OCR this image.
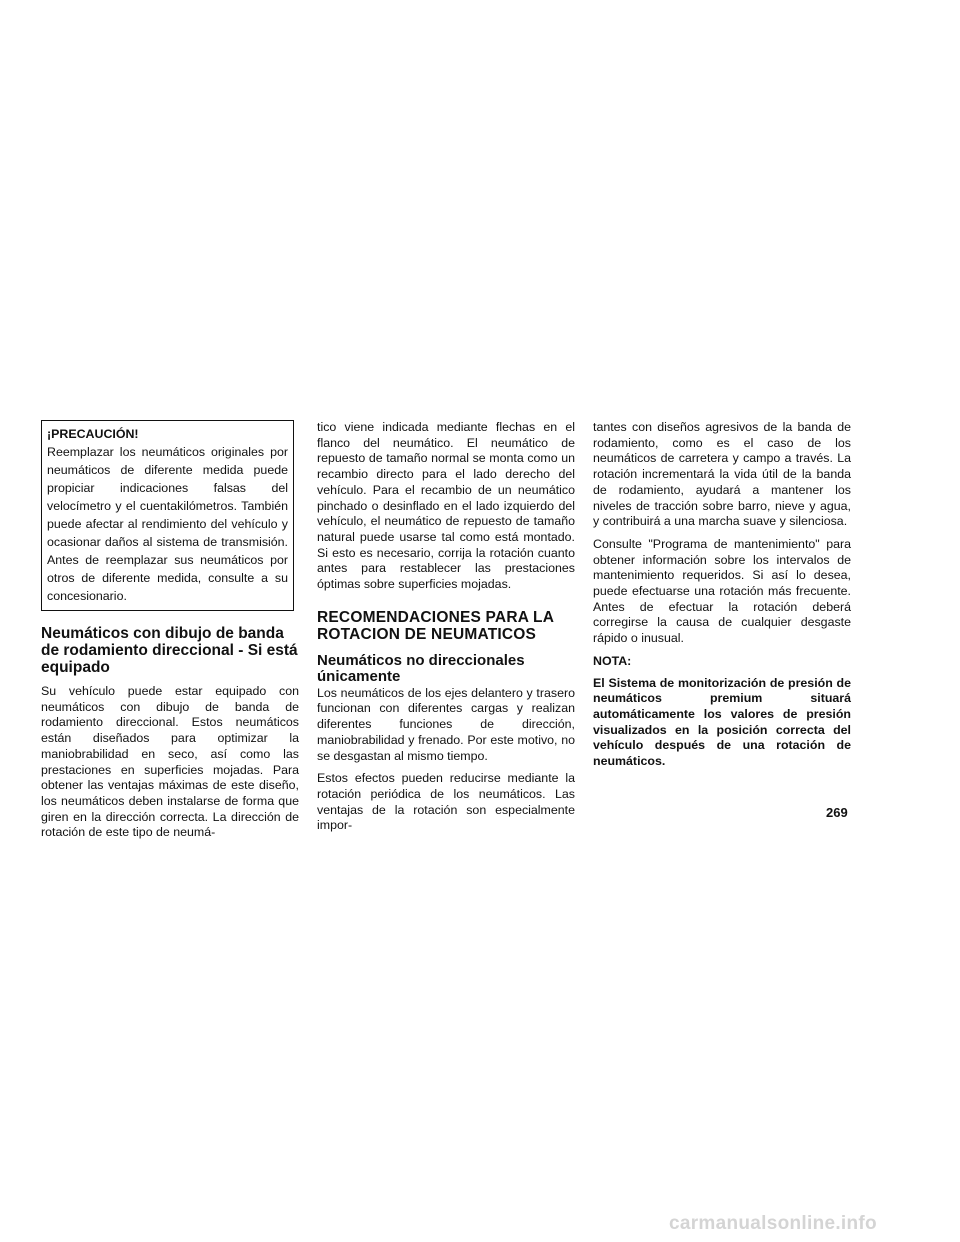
¡PRECAUCIÓN!
Reemplazar los neumáticos originales por neumáticos de diferente medida puede propiciar indicaciones falsas del velocímetro y el cuentakilómetros. También puede afectar al rendimiento del vehículo y ocasionar daños al sistema de transmisión. Antes de reemplazar sus neumáticos por otros de diferente medida, consulte a su concesionario.
Neumáticos con dibujo de banda de rodamiento direccional - Si está equipado

Su vehículo puede estar equipado con neumáticos con dibujo de banda de rodamiento direccional. Estos neumáticos están diseñados para optimizar la maniobrabilidad en seco, así como las prestaciones en superficies mojadas. Para obtener las ventajas máximas de este diseño, los neumáticos deben instalarse de forma que giren en la dirección correcta. La dirección de rotación de este tipo de neumá-

tico viene indicada mediante flechas en el flanco del neumático. El neumático de repuesto de tamaño normal se monta como un recambio directo para el lado derecho del vehículo. Para el recambio de un neumático pinchado o desinflado en el lado izquierdo del vehículo, el neumático de repuesto de tamaño natural puede usarse tal como está montado. Si esto es necesario, corrija la rotación cuanto antes para restablecer las prestaciones óptimas sobre superficies mojadas.

RECOMENDACIONES PARA LA ROTACION DE NEUMATICOS
Neumáticos no direccionales únicamente

Los neumáticos de los ejes delantero y trasero funcionan con diferentes cargas y realizan diferentes funciones de dirección, maniobrabilidad y frenado. Por este motivo, no se desgastan al mismo tiempo.

Estos efectos pueden reducirse mediante la rotación periódica de los neumáticos. Las ventajas de la rotación son especialmente impor-

tantes con diseños agresivos de la banda de rodamiento, como es el caso de los neumáticos de carretera y campo a través. La rotación incrementará la vida útil de la banda de rodamiento, ayudará a mantener los niveles de tracción sobre barro, nieve y agua, y contribuirá a una marcha suave y silenciosa.

Consulte "Programa de mantenimiento" para obtener información sobre los intervalos de mantenimiento requeridos. Si así lo desea, puede efectuarse una rotación más frecuente. Antes de efectuar la rotación deberá corregirse la causa de cualquier desgaste rápido o inusual.

NOTA:
El Sistema de monitorización de presión de neumáticos premium situará automáticamente los valores de presión visualizados en la posición correcta del vehículo después de una rotación de neumáticos.
269
carmanualsonline.info
